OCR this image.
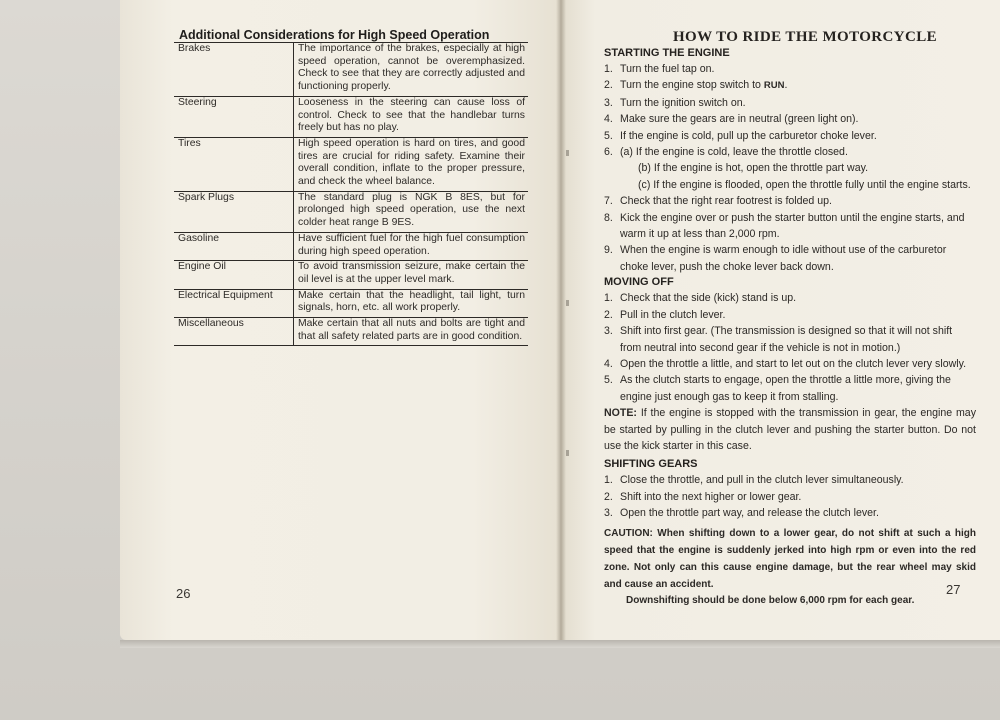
Additional Considerations for High Speed Operation
Brakes	The importance of the brakes, especially at high speed operation, cannot be overemphasized. Check to see that they are correctly adjusted and functioning properly.
Steering	Looseness in the steering can cause loss of control. Check to see that the handlebar turns freely but has no play.
Tires	High speed operation is hard on tires, and good tires are crucial for riding safety. Examine their overall condition, inflate to the proper pressure, and check the wheel balance.
Spark Plugs	The standard plug is NGK B 8ES, but for prolonged high speed operation, use the next colder heat range B 9ES.
Gasoline	Have sufficient fuel for the high fuel consumption during high speed operation.
Engine Oil	To avoid transmission seizure, make certain the oil level is at the upper level mark.
Electrical Equipment	Make certain that the headlight, tail light, turn signals, horn, etc. all work properly.
Miscellaneous	Make certain that all nuts and bolts are tight and that all safety related parts are in good condition.
26
HOW TO RIDE THE MOTORCYCLE
STARTING THE ENGINE
1. Turn the fuel tap on.
2. Turn the engine stop switch to RUN.
3. Turn the ignition switch on.
4. Make sure the gears are in neutral (green light on).
5. If the engine is cold, pull up the carburetor choke lever.
6. (a) If the engine is cold, leave the throttle closed.
(b) If the engine is hot, open the throttle part way.
(c) If the engine is flooded, open the throttle fully until the engine starts.
7. Check that the right rear footrest is folded up.
8. Kick the engine over or push the starter button until the engine starts, and warm it up at less than 2,000 rpm.
9. When the engine is warm enough to idle without use of the carburetor choke lever, push the choke lever back down.
MOVING OFF
1. Check that the side (kick) stand is up.
2. Pull in the clutch lever.
3. Shift into first gear. (The transmission is designed so that it will not shift from neutral into second gear if the vehicle is not in motion.)
4. Open the throttle a little, and start to let out on the clutch lever very slowly.
5. As the clutch starts to engage, open the throttle a little more, giving the engine just enough gas to keep it from stalling.
NOTE: If the engine is stopped with the transmission in gear, the engine may be started by pulling in the clutch lever and pushing the starter button. Do not use the kick starter in this case.
SHIFTING GEARS
1. Close the throttle, and pull in the clutch lever simultaneously.
2. Shift into the next higher or lower gear.
3. Open the throttle part way, and release the clutch lever.
CAUTION: When shifting down to a lower gear, do not shift at such a high speed that the engine is suddenly jerked into high rpm or even into the red zone. Not only can this cause engine damage, but the rear wheel may skid and cause an accident.
Downshifting should be done below 6,000 rpm for each gear.
27
